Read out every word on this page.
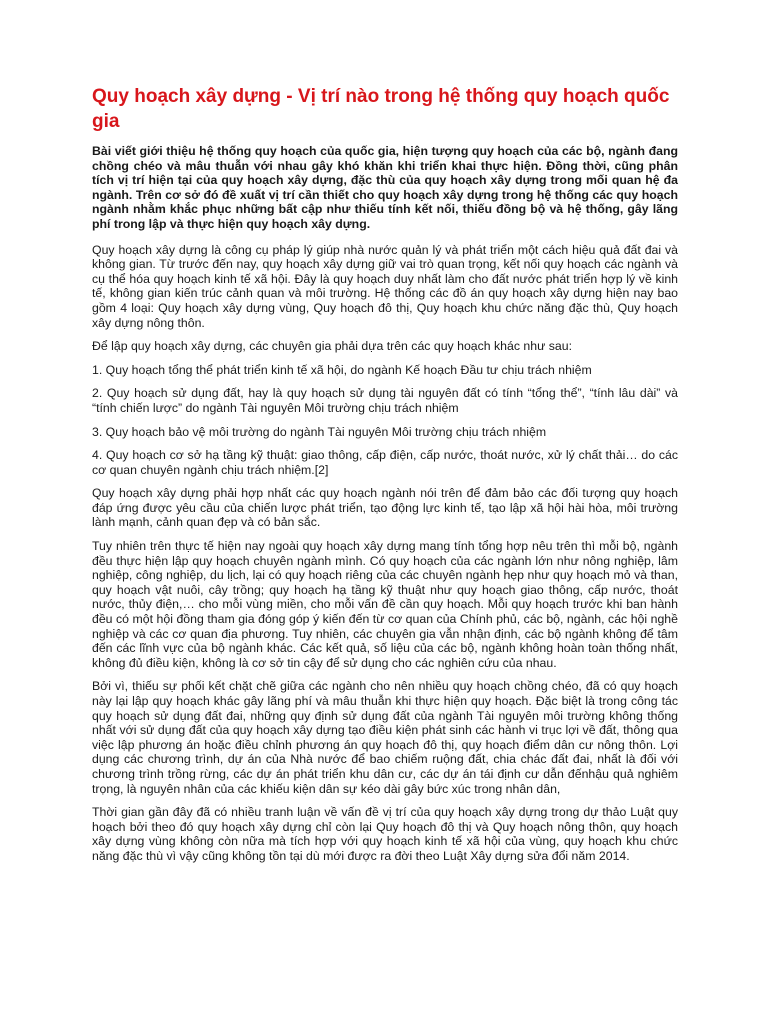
Quy hoạch xây dựng - Vị trí nào trong hệ thống quy hoạch quốc gia

Bài viết giới thiệu hệ thống quy hoạch của quốc gia, hiện tượng quy hoạch của các bộ, ngành đang chồng chéo và mâu thuẫn với nhau gây khó khăn khi triển khai thực hiện. Đồng thời, cũng phân tích vị trí hiện tại của quy hoạch xây dựng, đặc thù của quy hoạch xây dựng trong mối quan hệ đa ngành. Trên cơ sở đó đề xuất vị trí cần thiết cho quy hoạch xây dựng trong hệ thống các quy hoạch ngành nhằm khắc phục những bất cập như thiếu tính kết nối, thiếu đồng bộ và hệ thống, gây lãng phí trong lập và thực hiện quy hoạch xây dựng.

Quy hoạch xây dựng là công cụ pháp lý giúp nhà nước quản lý và phát triển một cách hiệu quả đất đai và không gian. Từ trước đến nay, quy hoạch xây dựng giữ vai trò quan trọng, kết nối quy hoạch các ngành và cụ thể hóa quy hoạch kinh tế xã hội. Đây là quy hoạch duy nhất làm cho đất nước phát triển hợp lý về kinh tế, không gian kiến trúc cảnh quan và môi trường. Hệ thống các đồ án quy hoạch xây dựng hiện nay bao gồm 4 loại: Quy hoạch xây dựng vùng, Quy hoạch đô thị, Quy hoạch khu chức năng đặc thù, Quy hoạch xây dựng nông thôn.

Để lập quy hoạch xây dựng, các chuyên gia phải dựa trên các quy hoạch khác như sau:

1. Quy hoạch tổng thể phát triển kinh tế xã hội, do ngành Kế hoạch Đầu tư chịu trách nhiệm

2. Quy hoạch sử dụng đất, hay là quy hoạch sử dụng tài nguyên đất có tính “tổng thể”, “tính lâu dài” và “tính chiến lược” do ngành Tài nguyên Môi trường chịu trách nhiệm

3. Quy hoạch bảo vệ môi trường do ngành Tài nguyên Môi trường chịu trách nhiệm

4. Quy hoạch cơ sở hạ tầng kỹ thuật: giao thông, cấp điện, cấp nước, thoát nước, xử lý chất thải… do các cơ quan chuyên ngành chịu trách nhiệm.[2]

Quy hoạch xây dựng phải hợp nhất các quy hoạch ngành nói trên để đảm bảo các đối tượng quy hoạch đáp ứng được yêu cầu của chiến lược phát triển, tạo động lực kinh tế, tạo lập xã hội hài hòa, môi trường lành mạnh, cảnh quan đẹp và có bản sắc.

Tuy nhiên trên thực tế hiện nay ngoài quy hoạch xây dựng mang tính tổng hợp nêu trên thì mỗi bộ, ngành đều thực hiện lập quy hoạch chuyên ngành mình. Có quy hoạch của các ngành lớn như nông nghiệp, lâm nghiệp, công nghiệp, du lịch, lại có quy hoạch riêng của các chuyên ngành hẹp như quy hoạch mỏ và than, quy hoạch vật nuôi, cây trồng; quy hoạch hạ tầng kỹ thuật như quy hoạch giao thông, cấp nước, thoát nước, thủy điện,… cho mỗi vùng miền, cho mỗi vấn đề cần quy hoạch. Mỗi quy hoạch trước khi ban hành đều có một hội đồng tham gia đóng góp ý kiến đến từ cơ quan của Chính phủ, các bộ, ngành, các hội nghề nghiệp và các cơ quan địa phương. Tuy nhiên, các chuyên gia vẫn nhận định, các bộ ngành không để tâm đến các lĩnh vực của bộ ngành khác. Các kết quả, số liệu của các bộ, ngành không hoàn toàn thống nhất, không đủ điều kiện, không là cơ sở tin cậy để sử dụng cho các nghiên cứu của nhau.

Bởi vì, thiếu sự phối kết chặt chẽ giữa các ngành cho nên nhiều quy hoạch chồng chéo, đã có quy hoạch này lại lập quy hoạch khác gây lãng phí và mâu thuẫn khi thực hiện quy hoạch. Đặc biệt là trong công tác quy hoạch sử dụng đất đai, những quy định sử dụng đất của ngành Tài nguyên môi trường không thống nhất với sử dụng đất của quy hoạch xây dựng tạo điều kiện phát sinh các hành vi trục lợi về đất, thông qua việc lập phương án hoặc điều chỉnh phương án quy hoạch đô thị, quy hoạch điểm dân cư nông thôn. Lợi dụng các chương trình, dự án của Nhà nước để bao chiếm ruộng đất, chia chác đất đai, nhất là đối với chương trình trồng rừng, các dự án phát triển khu dân cư, các dự án tái định cư dẫn đếnhậu quả nghiêm trọng, là nguyên nhân của các khiếu kiện dân sự kéo dài gây bức xúc trong nhân dân,

Thời gian gần đây đã có nhiều tranh luận về vấn đề vị trí của quy hoạch xây dựng trong dự thảo Luật quy hoạch bởi theo đó quy hoạch xây dựng chỉ còn lại Quy hoạch đô thị và Quy hoạch nông thôn, quy hoạch xây dựng vùng không còn nữa mà tích hợp với quy hoạch kinh tế xã hội của vùng, quy hoạch khu chức năng đặc thù vì vậy cũng không tồn tại dù mới được ra đời theo Luật Xây dựng sửa đổi năm 2014.
